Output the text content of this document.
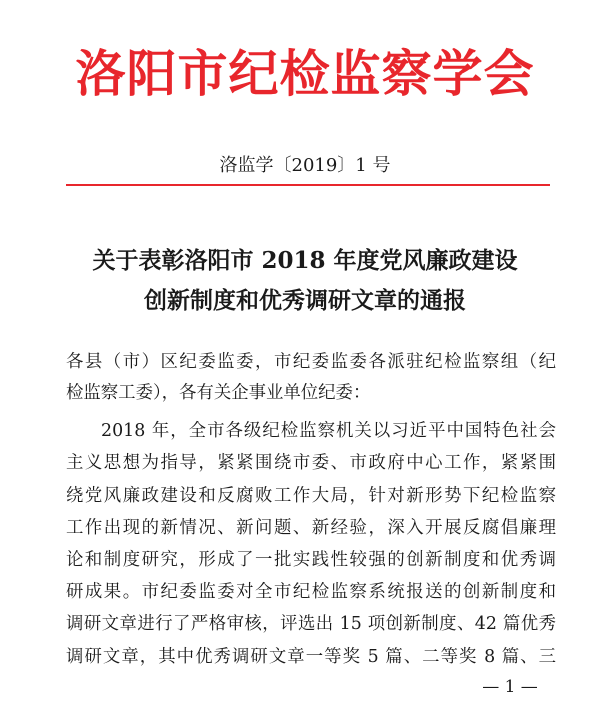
洛阳市纪检监察学会
洛监学〔2019〕1 号
关于表彰洛阳市 2018 年度党风廉政建设
创新制度和优秀调研文章的通报
各县（市）区纪委监委，市纪委监委各派驻纪检监察组（纪
检监察工委），各有关企事业单位纪委：
2018 年，全市各级纪检监察机关以习近平中国特色社会
主义思想为指导，紧紧围绕市委、市政府中心工作，紧紧围
绕党风廉政建设和反腐败工作大局，针对新形势下纪检监察
工作出现的新情况、新问题、新经验，深入开展反腐倡廉理
论和制度研究，形成了一批实践性较强的创新制度和优秀调
研成果。市纪委监委对全市纪检监察系统报送的创新制度和
调研文章进行了严格审核，评选出 15 项创新制度、42 篇优秀
调研文章，其中优秀调研文章一等奖 5 篇、二等奖 8 篇、三
— 1 —
